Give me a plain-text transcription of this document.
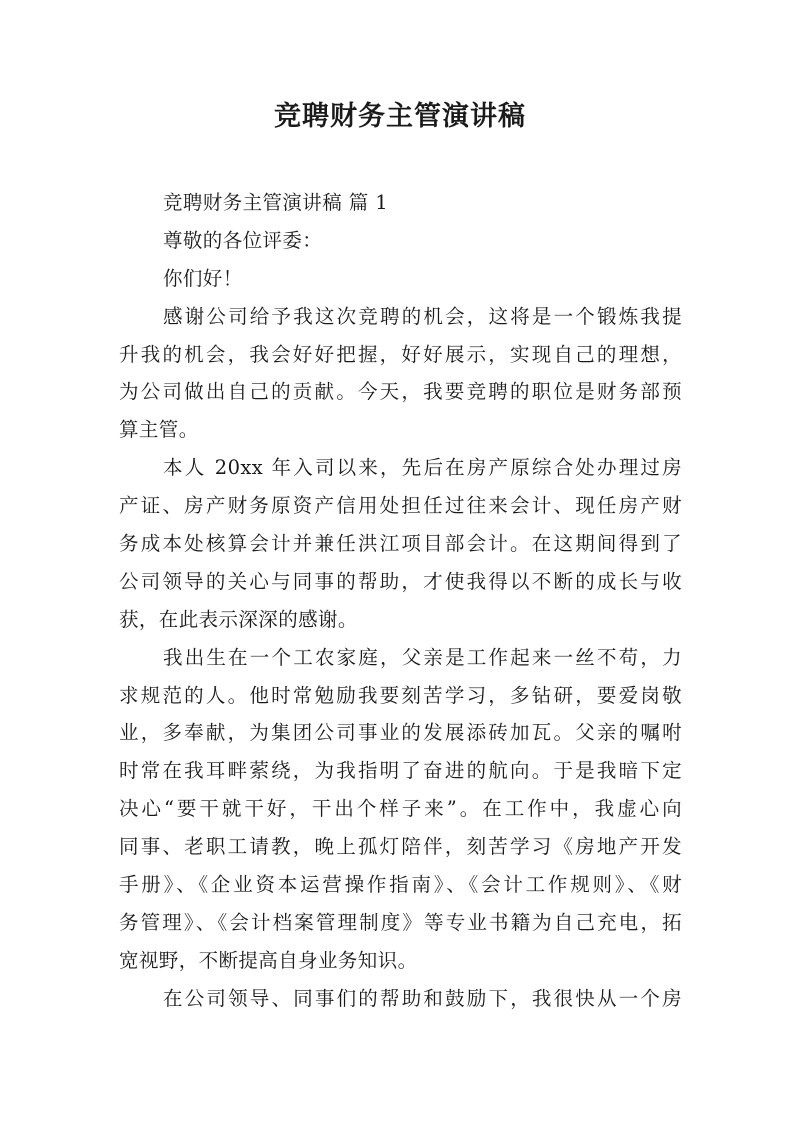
竞聘财务主管演讲稿
竞聘财务主管演讲稿 篇 1
尊敬的各位评委：
你们好！
感谢公司给予我这次竞聘的机会，这将是一个锻炼我提
升我的机会，我会好好把握，好好展示，实现自己的理想，
为公司做出自己的贡献。今天，我要竞聘的职位是财务部预
算主管。
本人 20xx 年入司以来，先后在房产原综合处办理过房
产证、房产财务原资产信用处担任过往来会计、现任房产财
务成本处核算会计并兼任洪江项目部会计。在这期间得到了
公司领导的关心与同事的帮助，才使我得以不断的成长与收
获，在此表示深深的感谢。
我出生在一个工农家庭，父亲是工作起来一丝不苟，力
求规范的人。他时常勉励我要刻苦学习，多钻研，要爱岗敬
业，多奉献，为集团公司事业的发展添砖加瓦。父亲的嘱咐
时常在我耳畔萦绕，为我指明了奋进的航向。于是我暗下定
决心“要干就干好，干出个样子来”。在工作中，我虚心向
同事、老职工请教，晚上孤灯陪伴，刻苦学习《房地产开发
手册》、《企业资本运营操作指南》、《会计工作规则》、《财
务管理》、《会计档案管理制度》等专业书籍为自己充电，拓
宽视野，不断提高自身业务知识。
在公司领导、同事们的帮助和鼓励下，我很快从一个房
